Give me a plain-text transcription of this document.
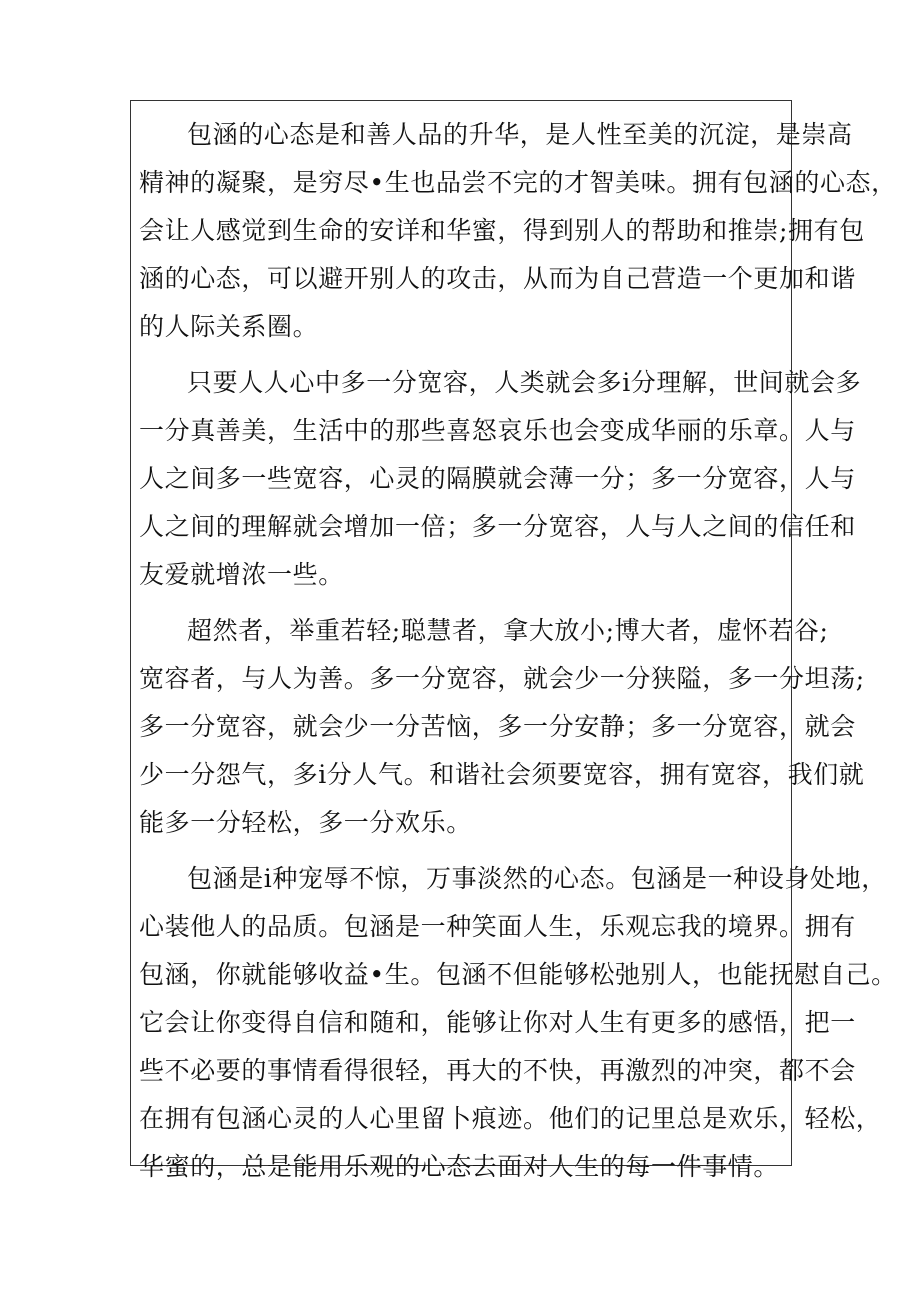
包涵的心态是和善人品的升华，是人性至美的沉淀，是崇高
精神的凝聚，是穷尽•生也品尝不完的才智美味。拥有包涵的心态，
会让人感觉到生命的安详和华蜜，得到别人的帮助和推崇;拥有包
涵的心态，可以避开别人的攻击，从而为自己营造一个更加和谐
的人际关系圈。
只要人人心中多一分宽容，人类就会多i分理解，世间就会多
一分真善美，生活中的那些喜怒哀乐也会变成华丽的乐章。人与
人之间多一些宽容，心灵的隔膜就会薄一分；多一分宽容，人与
人之间的理解就会增加一倍；多一分宽容，人与人之间的信任和
友爱就增浓一些。
超然者，举重若轻;聪慧者，拿大放小;博大者，虚怀若谷;
宽容者，与人为善。多一分宽容，就会少一分狭隘，多一分坦荡;
多一分宽容，就会少一分苦恼，多一分安静；多一分宽容，就会
少一分怨气，多i分人气。和谐社会须要宽容，拥有宽容，我们就
能多一分轻松，多一分欢乐。
包涵是i种宠辱不惊，万事淡然的心态。包涵是一种设身处地，
心装他人的品质。包涵是一种笑面人生，乐观忘我的境界。拥有
包涵，你就能够收益•生。包涵不但能够松弛别人，也能抚慰自己。
它会让你变得自信和随和，能够让你对人生有更多的感悟，把一
些不必要的事情看得很轻，再大的不快，再激烈的冲突，都不会
在拥有包涵心灵的人心里留卜痕迹。他们的记里总是欢乐，轻松，
华蜜的，总是能用乐观的心态去面对人生的每一件事情。
